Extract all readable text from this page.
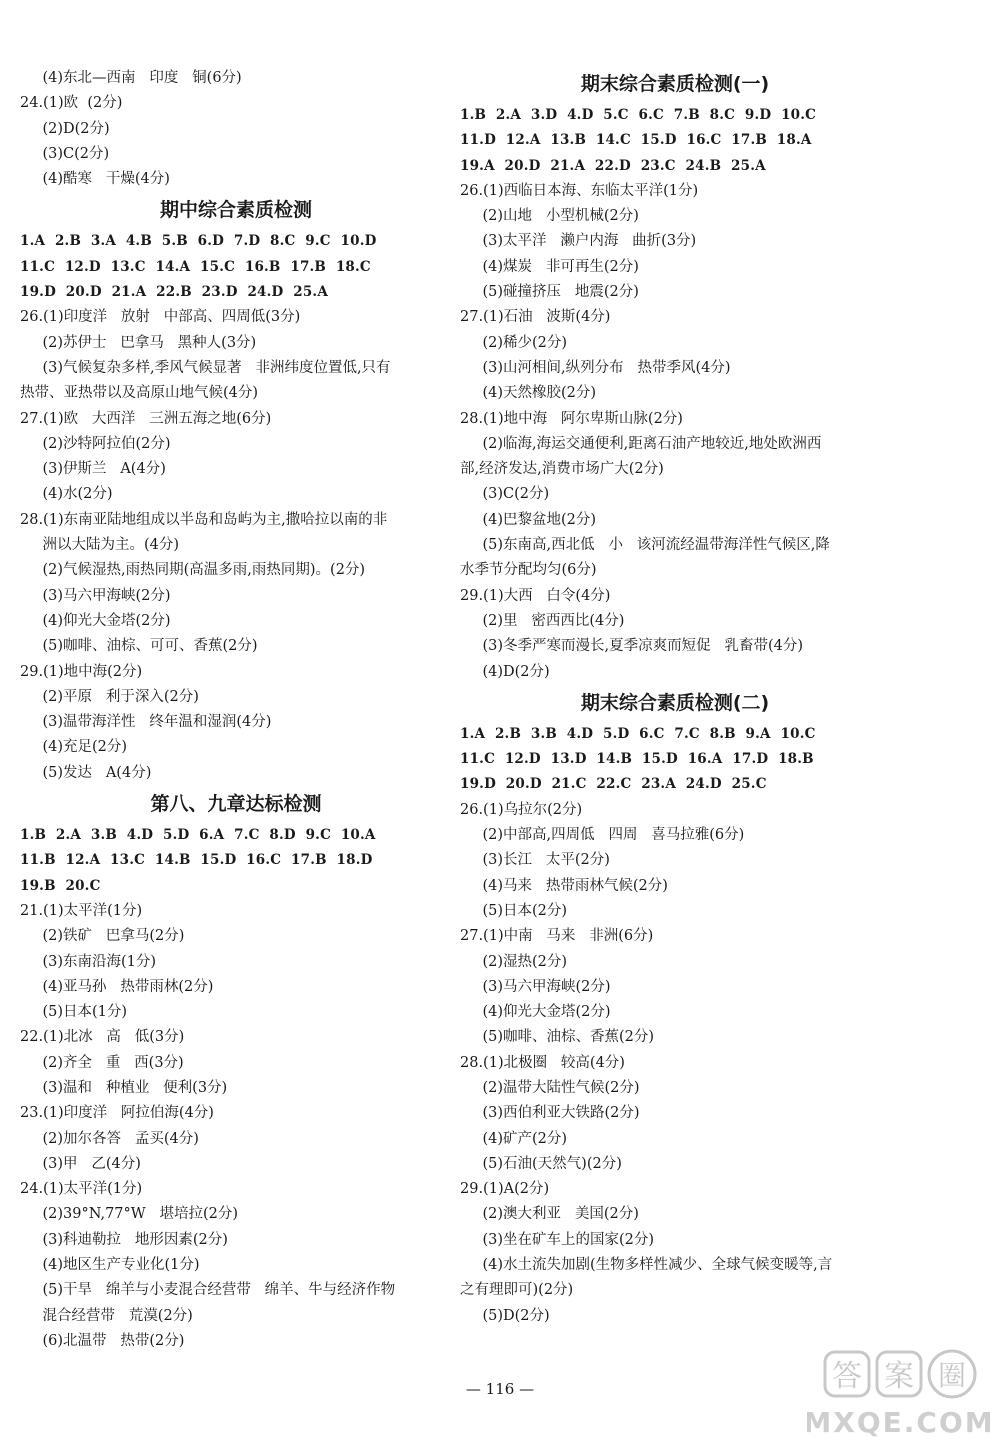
(4)东北—西南   印度   铜(6分)
24.(1)欧  (2分)
(2)D(2分)
(3)C(2分)
(4)酷寒   干燥(4分)
期中综合素质检测
1.A  2.B  3.A  4.B  5.B  6.D  7.D  8.C  9.C  10.D
11.C  12.D  13.C  14.A  15.C  16.B  17.B  18.C
19.D  20.D  21.A  22.B  23.D  24.D  25.A
26.(1)印度洋   放射   中部高、四周低(3分)
(2)苏伊士   巴拿马   黑种人(3分)
(3)气候复杂多样,季风气候显著   非洲纬度位置低,只有
热带、亚热带以及高原山地气候(4分)
27.(1)欧   大西洋   三洲五海之地(6分)
(2)沙特阿拉伯(2分)
(3)伊斯兰   A(4分)
(4)水(2分)
28.(1)东南亚陆地组成以半岛和岛屿为主,撒哈拉以南的非
洲以大陆为主。(4分)
(2)气候湿热,雨热同期(高温多雨,雨热同期)。(2分)
(3)马六甲海峡(2分)
(4)仰光大金塔(2分)
(5)咖啡、油棕、可可、香蕉(2分)
29.(1)地中海(2分)
(2)平原   利于深入(2分)
(3)温带海洋性   终年温和湿润(4分)
(4)充足(2分)
(5)发达   A(4分)
第八、九章达标检测
1.B  2.A  3.B  4.D  5.D  6.A  7.C  8.D  9.C  10.A
11.B  12.A  13.C  14.B  15.D  16.C  17.B  18.D
19.B  20.C
21.(1)太平洋(1分)
(2)铁矿   巴拿马(2分)
(3)东南沿海(1分)
(4)亚马孙   热带雨林(2分)
(5)日本(1分)
22.(1)北冰   高   低(3分)
(2)齐全   重   西(3分)
(3)温和   种植业   便利(3分)
23.(1)印度洋   阿拉伯海(4分)
(2)加尔各答   孟买(4分)
(3)甲   乙(4分)
24.(1)太平洋(1分)
(2)39°N,77°W   堪培拉(2分)
(3)科迪勒拉   地形因素(2分)
(4)地区生产专业化(1分)
(5)干旱   绵羊与小麦混合经营带   绵羊、牛与经济作物
混合经营带   荒漠(2分)
(6)北温带   热带(2分)
期末综合素质检测(一)
1.B  2.A  3.D  4.D  5.C  6.C  7.B  8.C  9.D  10.C
11.D  12.A  13.B  14.C  15.D  16.C  17.B  18.A
19.A  20.D  21.A  22.D  23.C  24.B  25.A
26.(1)西临日本海、东临太平洋(1分)
(2)山地   小型机械(2分)
(3)太平洋   濑户内海   曲折(3分)
(4)煤炭   非可再生(2分)
(5)碰撞挤压   地震(2分)
27.(1)石油   波斯(4分)
(2)稀少(2分)
(3)山河相间,纵列分布   热带季风(4分)
(4)天然橡胶(2分)
28.(1)地中海   阿尔卑斯山脉(2分)
(2)临海,海运交通便利,距离石油产地较近,地处欧洲西
部,经济发达,消费市场广大(2分)
(3)C(2分)
(4)巴黎盆地(2分)
(5)东南高,西北低   小   该河流经温带海洋性气候区,降
水季节分配均匀(6分)
29.(1)大西   白令(4分)
(2)里   密西西比(4分)
(3)冬季严寒而漫长,夏季凉爽而短促   乳畜带(4分)
(4)D(2分)
期末综合素质检测(二)
1.A  2.B  3.B  4.D  5.D  6.C  7.C  8.B  9.A  10.C
11.C  12.D  13.D  14.B  15.D  16.A  17.D  18.B
19.D  20.D  21.C  22.C  23.A  24.D  25.C
26.(1)乌拉尔(2分)
(2)中部高,四周低   四周   喜马拉雅(6分)
(3)长江   太平(2分)
(4)马来   热带雨林气候(2分)
(5)日本(2分)
27.(1)中南   马来   非洲(6分)
(2)湿热(2分)
(3)马六甲海峡(2分)
(4)仰光大金塔(2分)
(5)咖啡、油棕、香蕉(2分)
28.(1)北极圈   较高(4分)
(2)温带大陆性气候(2分)
(3)西伯利亚大铁路(2分)
(4)矿产(2分)
(5)石油(天然气)(2分)
29.(1)A(2分)
(2)澳大利亚   美国(2分)
(3)坐在矿车上的国家(2分)
(4)水土流失加剧(生物多样性减少、全球气候变暖等,言
之有理即可)(2分)
(5)D(2分)
— 116 —	答 案 圈
MXQE.COM
